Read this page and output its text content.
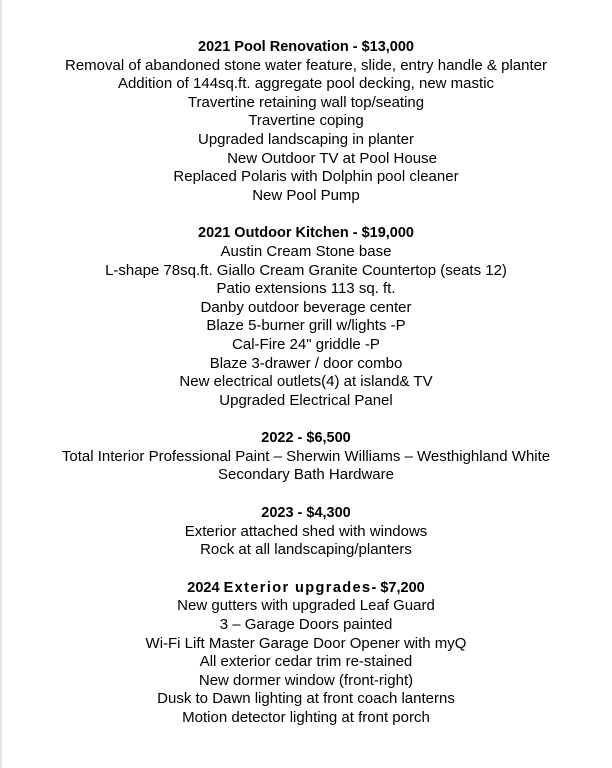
2021 Pool Renovation - $13,000
Removal of abandoned stone water feature, slide, entry handle & planter
Addition of 144sq.ft. aggregate pool decking, new mastic
Travertine retaining wall top/seating
Travertine coping
Upgraded landscaping in planter
New Outdoor TV at Pool House
Replaced Polaris with Dolphin pool cleaner
New Pool Pump
2021 Outdoor Kitchen - $19,000
Austin Cream Stone base
L-shape 78sq.ft. Giallo Cream Granite Countertop (seats 12)
Patio extensions 113 sq. ft.
Danby outdoor beverage center
Blaze 5-burner grill w/lights -P
Cal-Fire 24" griddle -P
Blaze 3-drawer / door combo
New electrical outlets(4) at island& TV
Upgraded Electrical Panel
2022 - $6,500
Total Interior Professional Paint – Sherwin Williams – Westhighland White
Secondary Bath Hardware
2023 - $4,300
Exterior attached shed with windows
Rock at all landscaping/planters
2024 Exterior upgrades- $7,200
New gutters with upgraded Leaf Guard
3 – Garage Doors painted
Wi-Fi Lift Master Garage Door Opener with myQ
All exterior cedar trim re-stained
New dormer window (front-right)
Dusk to Dawn lighting at front coach lanterns
Motion detector lighting at front porch
